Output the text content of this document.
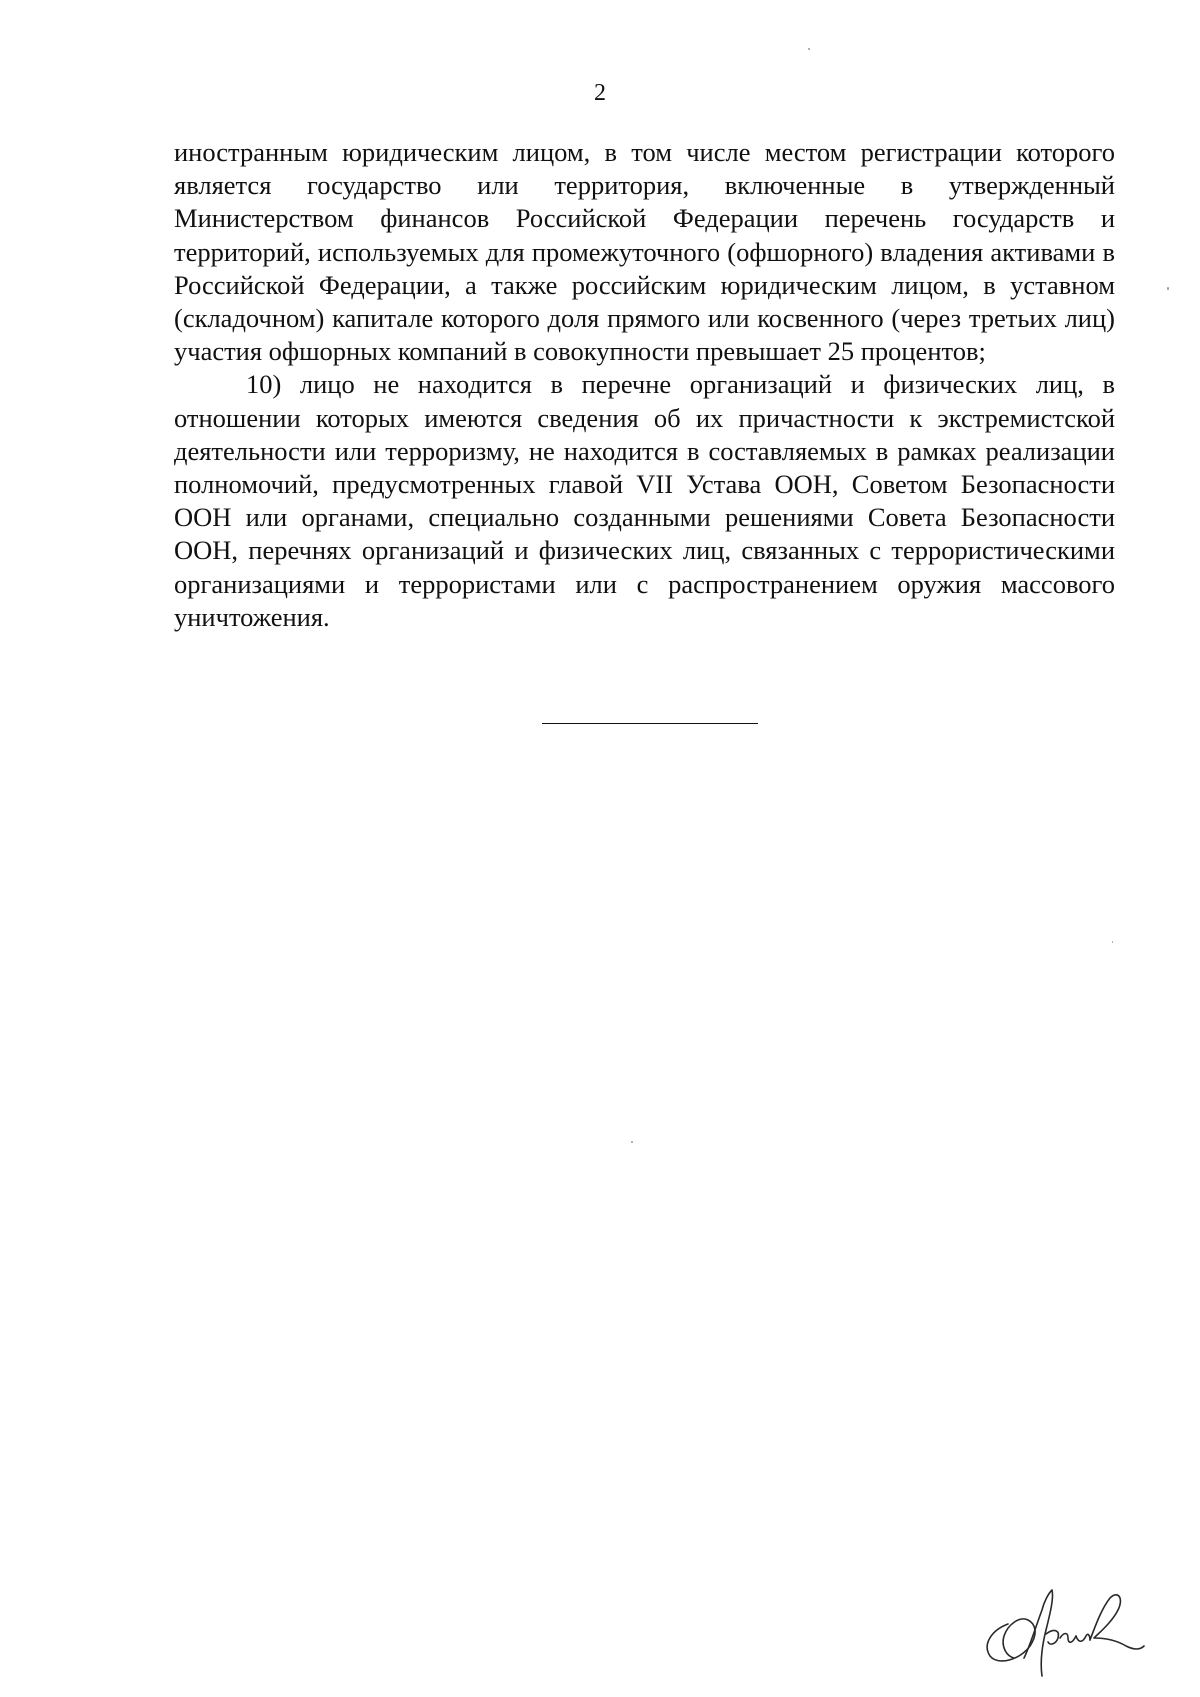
2

иностранным юридическим лицом, в том числе местом регистрации которого является государство или территория, включенные в утвержденный Министерством финансов Российской Федерации перечень государств и территорий, используемых для промежуточного (офшорного) владения активами в Российской Федерации, а также российским юридическим лицом, в уставном (складочном) капитале которого доля прямого или косвенного (через третьих лиц) участия офшорных компаний в совокупности превышает 25 процентов;

10) лицо не находится в перечне организаций и физических лиц, в отношении которых имеются сведения об их причастности к экстремистской деятельности или терроризму, не находится в составляемых в рамках реализации полномочий, предусмотренных главой VII Устава ООН, Советом Безопасности ООН или органами, специально созданными решениями Совета Безопасности ООН, перечнях организаций и физических лиц, связанных с террористическими организациями и террористами или с распространением оружия массового уничтожения.
